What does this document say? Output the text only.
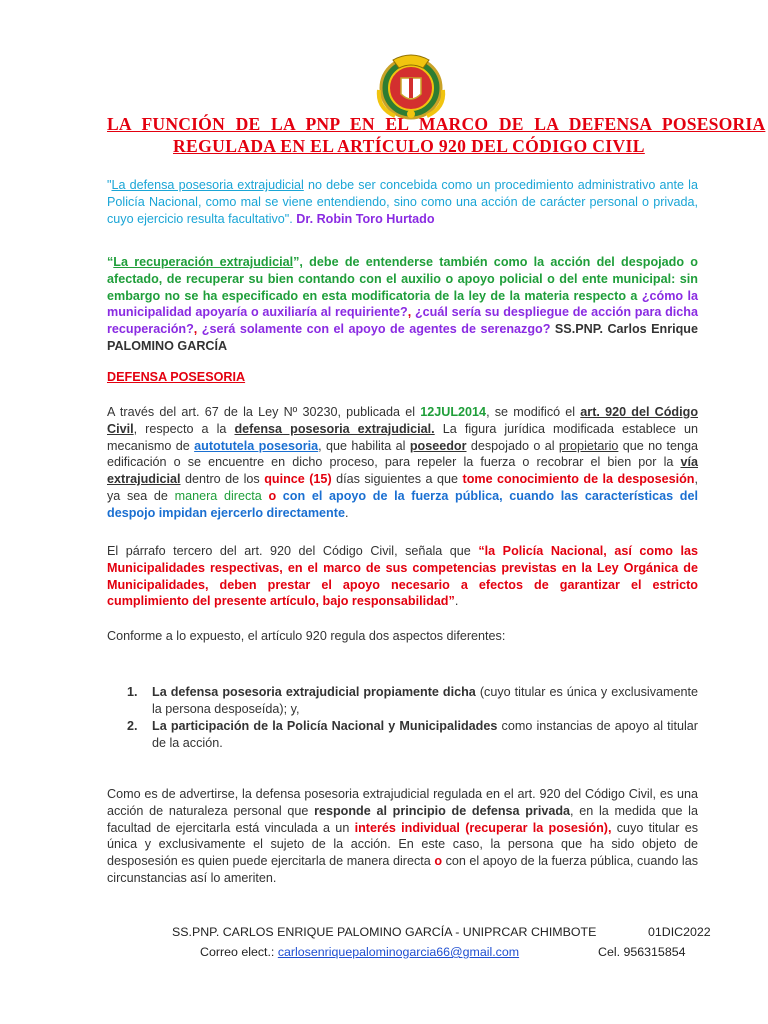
LA FUNCIÓN DE LA PNP EN EL MARCO DE LA DEFENSA POSESORIA
REGULADA EN EL ARTÍCULO 920 DEL CÓDIGO CIVIL
"La defensa posesoria extrajudicial no debe ser concebida como un procedimiento administrativo ante la Policía Nacional, como mal se viene entendiendo, sino como una acción de carácter personal o privada, cuyo ejercicio resulta facultativo". Dr. Robin Toro Hurtado
“La recuperación extrajudicial”, debe de entenderse también como la acción del despojado o afectado, de recuperar su bien contando con el auxilio o apoyo policial o del ente municipal: sin embargo no se ha especificado en esta modificatoria de la ley de la materia respecto a ¿cómo la municipalidad apoyaría o auxiliaría al requiriente?, ¿cuál sería su despliegue de acción para dicha recuperación?, ¿será solamente con el apoyo de agentes de serenazgo? SS.PNP. Carlos Enrique PALOMINO GARCÍA
DEFENSA POSESORIA
A través del art. 67 de la Ley Nº 30230, publicada el 12JUL2014, se modificó el art. 920 del Código Civil, respecto a la defensa posesoria extrajudicial. La figura jurídica modificada establece un mecanismo de autotutela posesoria, que habilita al poseedor despojado o al propietario que no tenga edificación o se encuentre en dicho proceso, para repeler la fuerza o recobrar el bien por la vía extrajudicial dentro de los quince (15) días siguientes a que tome conocimiento de la desposesión, ya sea de manera directa o con el apoyo de la fuerza pública, cuando las características del despojo impidan ejercerlo directamente.
El párrafo tercero del art. 920 del Código Civil, señala que “la Policía Nacional, así como las Municipalidades respectivas, en el marco de sus competencias previstas en la Ley Orgánica de Municipalidades, deben prestar el apoyo necesario a efectos de garantizar el estricto cumplimiento del presente artículo, bajo responsabilidad”.
Conforme a lo expuesto, el artículo 920 regula dos aspectos diferentes:
1. La defensa posesoria extrajudicial propiamente dicha (cuyo titular es única y exclusivamente la persona desposeída); y,
2. La participación de la Policía Nacional y Municipalidades como instancias de apoyo al titular de la acción.
Como es de advertirse, la defensa posesoria extrajudicial regulada en el art. 920 del Código Civil, es una acción de naturaleza personal que responde al principio de defensa privada, en la medida que la facultad de ejercitarla está vinculada a un interés individual (recuperar la posesión), cuyo titular es única y exclusivamente el sujeto de la acción. En este caso, la persona que ha sido objeto de desposesión es quien puede ejercitarla de manera directa o con el apoyo de la fuerza pública, cuando las circunstancias así lo ameriten.
SS.PNP. CARLOS ENRIQUE PALOMINO GARCÍA - UNIPRCAR CHIMBOTE	01DIC2022
Correo elect.: carlosenriquepalominogarcia66@gmail.com	Cel. 956315854
